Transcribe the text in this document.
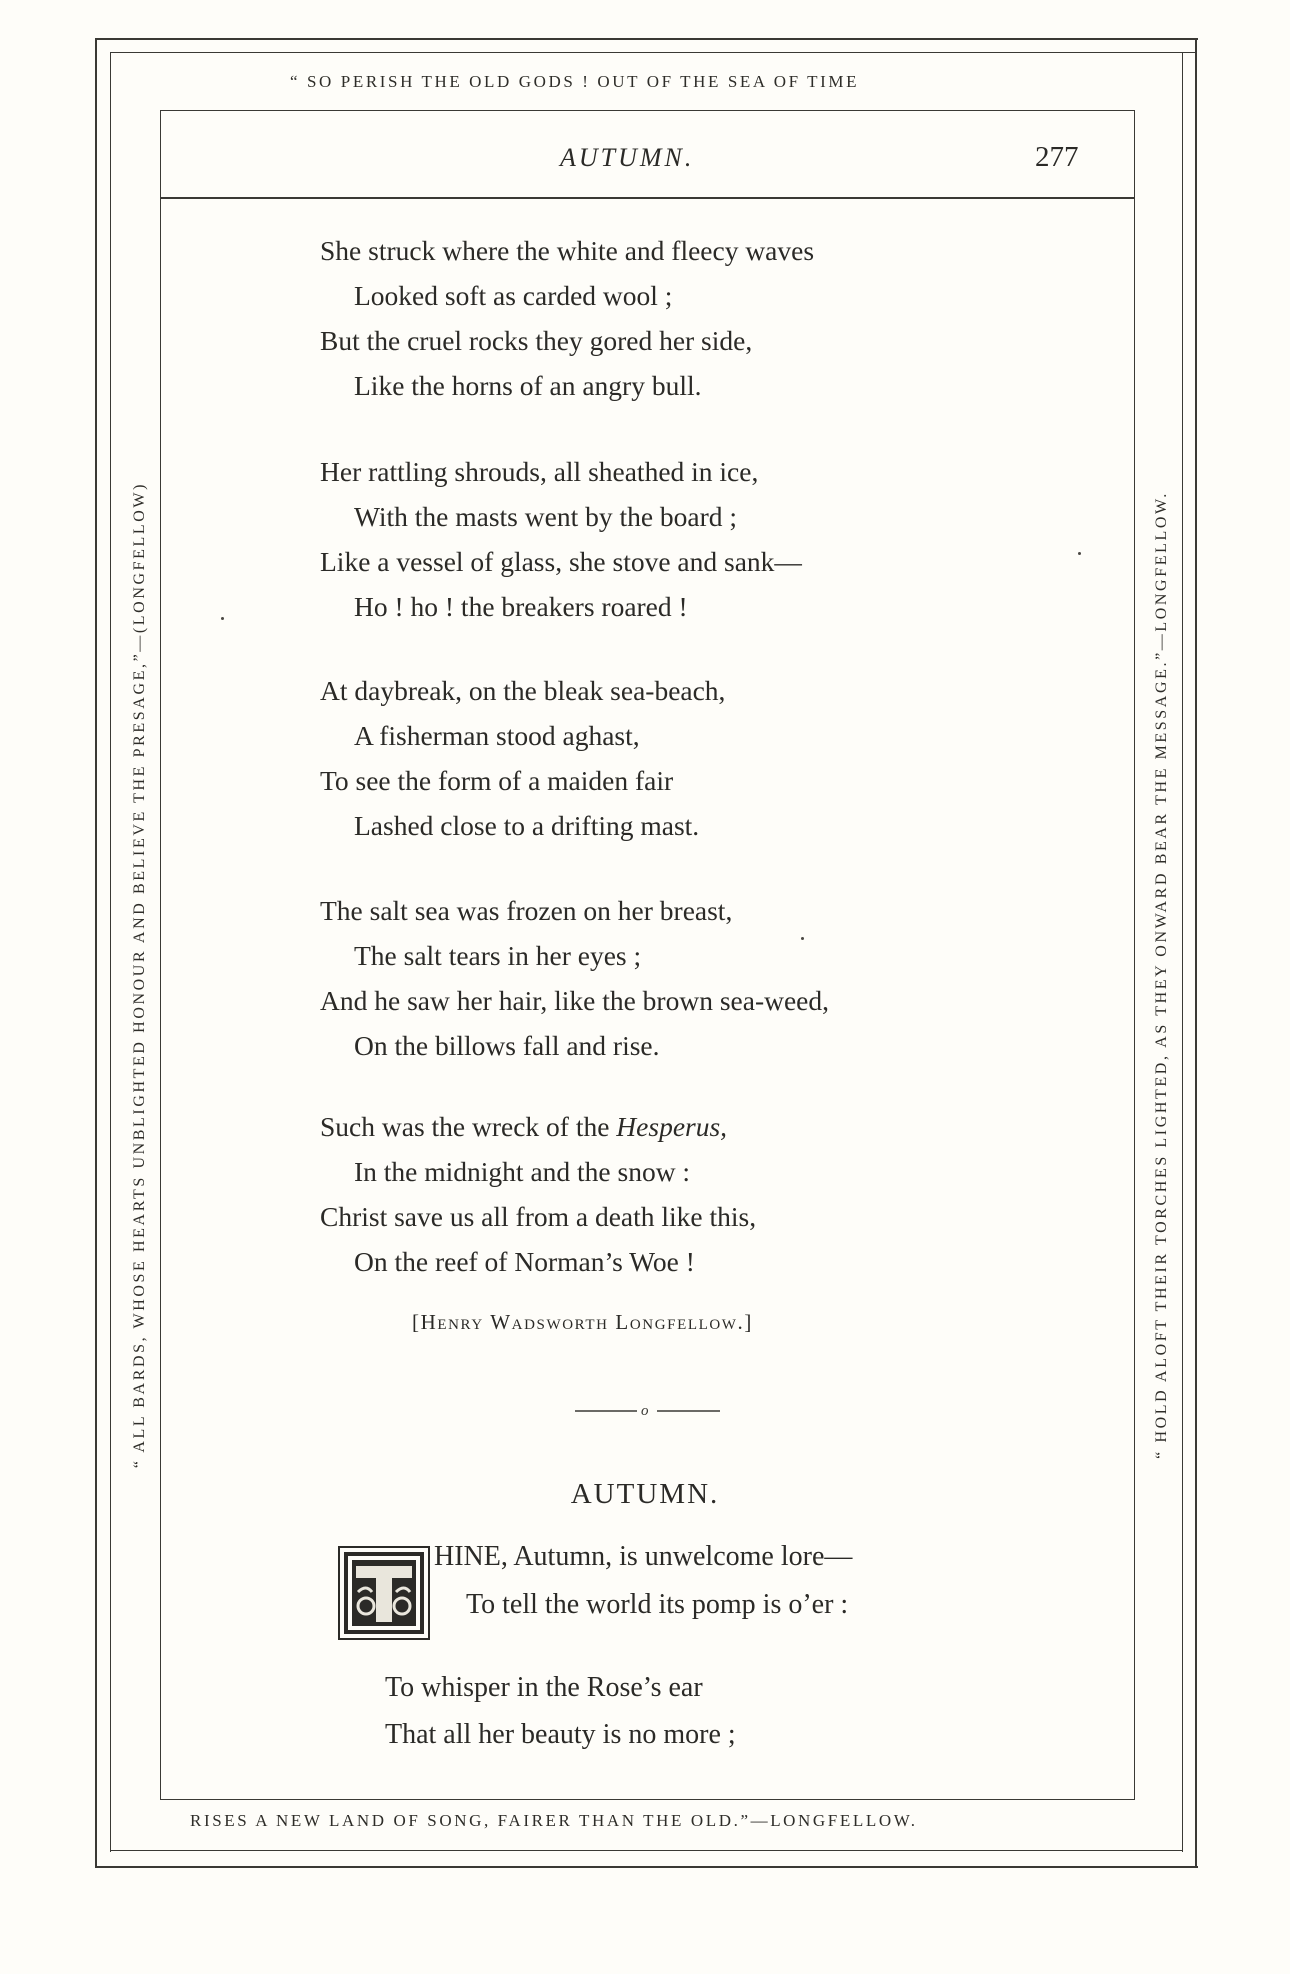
“ SO PERISH THE OLD GODS ! OUT OF THE SEA OF TIME
RISES A NEW LAND OF SONG, FAIRER THAN THE OLD.”—LONGFELLOW.
“ ALL BARDS, WHOSE HEARTS UNBLIGHTED HONOUR AND BELIEVE THE PRESAGE,”—(LONGFELLOW)	“ HOLD ALOFT THEIR TORCHES LIGHTED, AS THEY ONWARD BEAR THE MESSAGE.”—LONGFELLOW.
AUTUMN.	277
She struck where the white and fleecy waves
Looked soft as carded wool ;
But the cruel rocks they gored her side,
Like the horns of an angry bull.
Her rattling shrouds, all sheathed in ice,
With the masts went by the board ;
Like a vessel of glass, she stove and sank—
Ho ! ho ! the breakers roared !
At daybreak, on the bleak sea-beach,
A fisherman stood aghast,
To see the form of a maiden fair
Lashed close to a drifting mast.
The salt sea was frozen on her breast,
The salt tears in her eyes ;
And he saw her hair, like the brown sea-weed,
On the billows fall and rise.
Such was the wreck of the Hesperus,
In the midnight and the snow :
Christ save us all from a death like this,
On the reef of Norman’s Woe !
[Henry Wadsworth Longfellow.]
o
AUTUMN.
HINE, Autumn, is unwelcome lore—
To tell the world its pomp is o’er :
To whisper in the Rose’s ear
That all her beauty is no more ;
